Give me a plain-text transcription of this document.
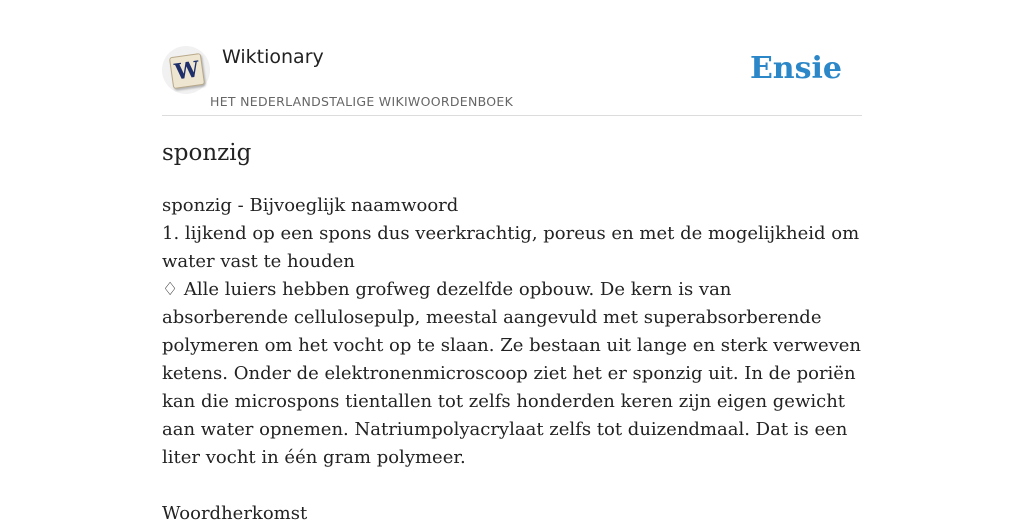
W Wiktionary
HET NEDERLANDSTALIGE WIKIWOORDENBOEK
Ensie
sponzig

sponzig - Bijvoeglijk naamwoord

1. lijkend op een spons dus veerkrachtig, poreus en met de mogelijkheid om water vast te houden

♢ Alle luiers hebben grofweg dezelfde opbouw. De kern is van absorberende cellulosepulp, meestal aangevuld met superabsorberende polymeren om het vocht op te slaan. Ze bestaan uit lange en sterk verweven ketens. Onder de elektronenmicroscoop ziet het er sponzig uit. In de poriën kan die microspons tientallen tot zelfs honderden keren zijn eigen gewicht aan water opnemen. Natriumpolyacrylaat zelfs tot duizendmaal. Dat is een liter vocht in één gram polymeer.

Woordherkomst
